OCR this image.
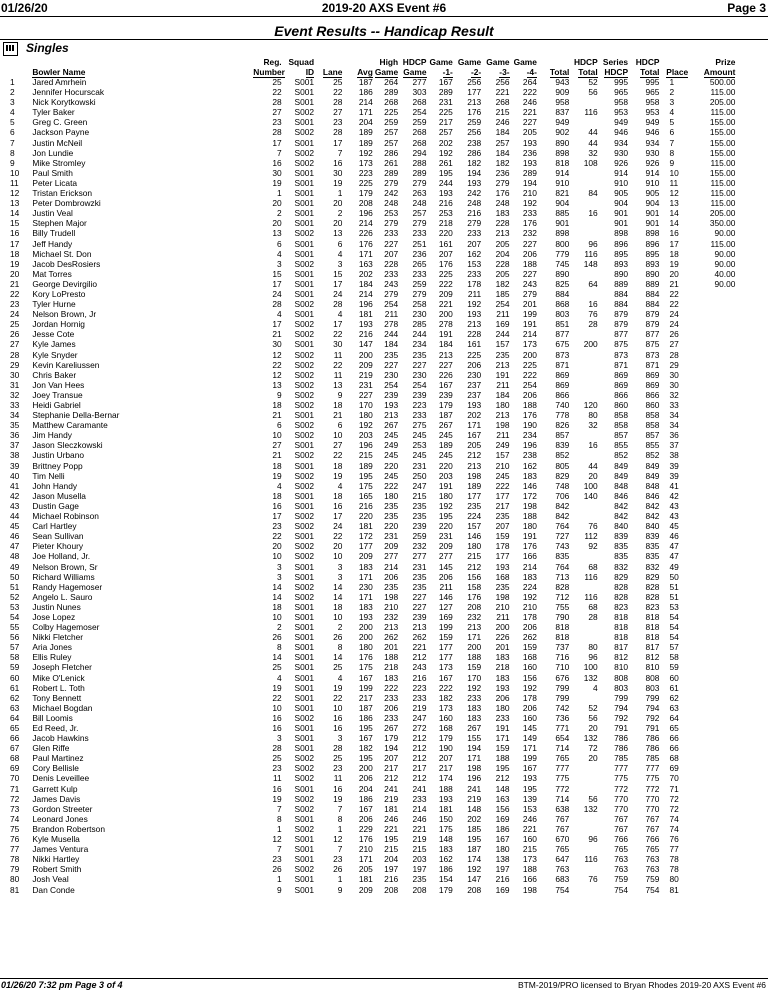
01/26/20	2019-20 AXS Event #6	Page 3
Event Results -- Handicap Result
Singles
	Bowler Name	Reg.
Number	Squad
ID	Lane	Avg	High
Game	HDCP
Game	Game
-1-	Game
-2-	Game
-3-	Game
-4-	Total	HDCP
Total	Series
HDCP	HDCP
Total	Place	Prize
Amount	
1	Jared Amrhein	25	S001	25	187	264	277	167	256	256	264	943	52	995	995	1	500.00	
2	Jennifer Hocurscak	22	S001	22	186	289	303	289	177	221	222	909	56	965	965	2	115.00	
3	Nick Korytkowski	28	S001	28	214	268	268	231	213	268	246	958		958	958	3	205.00	
4	Tyler Baker	27	S002	27	171	225	254	225	176	215	221	837	116	953	953	4	115.00	
5	Greg C. Green	23	S001	23	204	259	259	217	259	246	227	949		949	949	5	155.00	
6	Jackson Payne	28	S002	28	189	257	268	257	256	184	205	902	44	946	946	6	155.00	
7	Justin McNeil	17	S001	17	189	257	268	202	238	257	193	890	44	934	934	7	155.00	
8	Jon Lundie	7	S002	7	192	286	294	192	286	184	236	898	32	930	930	8	155.00	
9	Mike Stromley	16	S002	16	173	261	288	261	182	182	193	818	108	926	926	9	115.00	
10	Paul Smith	30	S001	30	223	289	289	195	194	236	289	914		914	914	10	155.00	
11	Peter Licata	19	S001	19	225	279	279	244	193	279	194	910		910	910	11	115.00	
12	Tristan Erickson	1	S001	1	179	242	263	193	242	176	210	821	84	905	905	12	115.00	
13	Peter Dombrowzki	20	S001	20	208	248	248	216	248	248	192	904		904	904	13	115.00	
14	Justin Veal	2	S001	2	196	253	257	253	216	183	233	885	16	901	901	14	205.00	
15	Stephen Major	20	S001	20	214	279	279	218	279	228	176	901		901	901	14	350.00	
16	Billy Trudell	13	S002	13	226	233	233	220	233	213	232	898		898	898	16	90.00	
17	Jeff Handy	6	S001	6	176	227	251	161	207	205	227	800	96	896	896	17	115.00	
18	Michael St. Don	4	S001	4	171	207	236	207	162	204	206	779	116	895	895	18	90.00	
19	Jacob DesRosiers	3	S002	3	163	228	265	176	153	228	188	745	148	893	893	19	90.00	
20	Mat Torres	15	S001	15	202	233	233	225	233	205	227	890		890	890	20	40.00	
21	George Devirgilio	17	S001	17	184	243	259	222	178	182	243	825	64	889	889	21	90.00	
22	Kory LoPresto	24	S001	24	214	279	279	209	211	185	279	884		884	884	22		
23	Tyler Hurne	28	S002	28	196	254	258	221	192	254	201	868	16	884	884	22		
24	Nelson Brown, Jr	4	S001	4	181	211	230	200	193	211	199	803	76	879	879	24		
25	Jordan Hornig	17	S002	17	193	278	285	278	213	169	191	851	28	879	879	24		
26	Jesse Cote	21	S002	22	216	244	244	191	228	244	214	877		877	877	26		
27	Kyle James	30	S001	30	147	184	234	184	161	157	173	675	200	875	875	27		
28	Kyle Snyder	12	S002	11	200	235	235	213	225	235	200	873		873	873	28		
29	Kevin Kareliussen	22	S002	22	209	227	227	227	206	213	225	871		871	871	29		
30	Chris Baker	12	S002	11	219	230	230	226	230	191	222	869		869	869	30		
31	Jon Van Hees	13	S002	13	231	254	254	167	237	211	254	869		869	869	30		
32	Joey Transue	9	S002	9	227	239	239	239	237	184	206	866		866	866	32		
33	Heidi Gabriel	18	S002	18	170	193	223	179	193	180	188	740	120	860	860	33		
34	Stephanie Della-Bernar	21	S001	21	180	213	233	187	202	213	176	778	80	858	858	34		
35	Matthew Caramante	6	S002	6	192	267	275	267	171	198	190	826	32	858	858	34		
36	Jim Handy	10	S002	10	203	245	245	245	167	211	234	857		857	857	36		
37	Jason Sleczkowski	27	S001	27	196	249	253	189	205	249	196	839	16	855	855	37		
38	Justin Urbano	21	S002	22	215	245	245	245	212	157	238	852		852	852	38		
39	Brittney Popp	18	S001	18	189	220	231	220	213	210	162	805	44	849	849	39		
40	Tim Nelli	19	S002	19	195	245	250	203	198	245	183	829	20	849	849	39		
41	John Handy	4	S002	4	175	222	247	191	189	222	146	748	100	848	848	41		
42	Jason Musella	18	S001	18	165	180	215	180	177	177	172	706	140	846	846	42		
43	Dustin Gage	16	S001	16	216	235	235	192	235	217	198	842		842	842	43		
44	Michael Robinson	17	S002	17	220	235	235	195	224	235	188	842		842	842	43		
45	Carl Hartley	23	S002	24	181	220	239	220	157	207	180	764	76	840	840	45		
46	Sean Sullivan	22	S001	22	172	231	259	231	146	159	191	727	112	839	839	46		
47	Pieter Khoury	20	S002	20	177	209	232	209	180	178	176	743	92	835	835	47		
48	Joe Holland, Jr.	10	S002	10	209	277	277	277	215	177	166	835		835	835	47		
49	Nelson Brown, Sr	3	S001	3	183	214	231	145	212	193	214	764	68	832	832	49		
50	Richard Williams	3	S001	3	171	206	235	206	156	168	183	713	116	829	829	50		
51	Randy Hagemoser	14	S002	14	230	235	235	211	158	235	224	828		828	828	51		
52	Angelo L. Sauro	14	S002	14	171	198	227	146	176	198	192	712	116	828	828	51		
53	Justin Nunes	18	S001	18	183	210	227	127	208	210	210	755	68	823	823	53		
54	Jose Lopez	10	S001	10	193	232	239	169	232	211	178	790	28	818	818	54		
55	Colby Hagemoser	2	S001	2	200	213	213	199	213	200	206	818		818	818	54		
56	Nikki Fletcher	26	S001	26	200	262	262	159	171	226	262	818		818	818	54		
57	Aria Jones	8	S001	8	180	201	221	177	200	201	159	737	80	817	817	57		
58	Ellis Ruley	14	S001	14	176	188	212	177	188	183	168	716	96	812	812	58		
59	Joseph Fletcher	25	S001	25	175	218	243	173	159	218	160	710	100	810	810	59		
60	Mike O'Lenick	4	S001	4	167	183	216	167	170	183	156	676	132	808	808	60		
61	Robert L. Toth	19	S001	19	199	222	223	222	192	193	192	799	4	803	803	61		
62	Tony Bennett	22	S001	22	217	233	233	182	233	206	178	799		799	799	62		
63	Michael Bogdan	10	S001	10	187	206	219	173	183	180	206	742	52	794	794	63		
64	Bill Loomis	16	S002	16	186	233	247	160	183	233	160	736	56	792	792	64		
65	Ed Reed, Jr.	16	S001	16	195	267	272	168	267	191	145	771	20	791	791	65		
66	Jacob Hawkins	3	S001	3	167	179	212	179	155	171	149	654	132	786	786	66		
67	Glen Riffe	28	S001	28	182	194	212	190	194	159	171	714	72	786	786	66		
68	Paul Martinez	25	S002	25	195	207	212	207	171	188	199	765	20	785	785	68		
69	Cory Bellisle	23	S002	23	200	217	217	217	198	195	167	777		777	777	69		
70	Denis Leveillee	11	S002	11	206	212	212	174	196	212	193	775		775	775	70		
71	Garrett Kulp	16	S001	16	204	241	241	188	241	148	195	772		772	772	71		
72	James Davis	19	S002	19	186	219	233	193	219	163	139	714	56	770	770	72		
73	Gordon Streeter	7	S002	7	167	181	214	181	148	156	153	638	132	770	770	72		
74	Leonard Jones	8	S001	8	206	246	246	150	202	169	246	767		767	767	74		
75	Brandon Robertson	1	S002	1	229	221	221	175	185	186	221	767		767	767	74		
76	Kyle Musella	12	S001	12	176	195	219	148	195	167	160	670	96	766	766	76		
77	James Ventura	7	S001	7	210	215	215	183	187	180	215	765		765	765	77		
78	Nikki Hartley	23	S001	23	171	204	203	162	174	138	173	647	116	763	763	78		
79	Robert Smith	26	S002	26	205	197	197	186	192	197	188	763		763	763	78		
80	Josh Veal	1	S001	1	181	216	235	154	147	216	166	683	76	759	759	80		
81	Dan Conde	9	S001	9	209	208	208	179	208	169	198	754		754	754	81		
01/26/20 7:32 pm Page 3 of 4	BTM-2019/PRO licensed to Bryan Rhodes 2019-20 AXS Event #6
